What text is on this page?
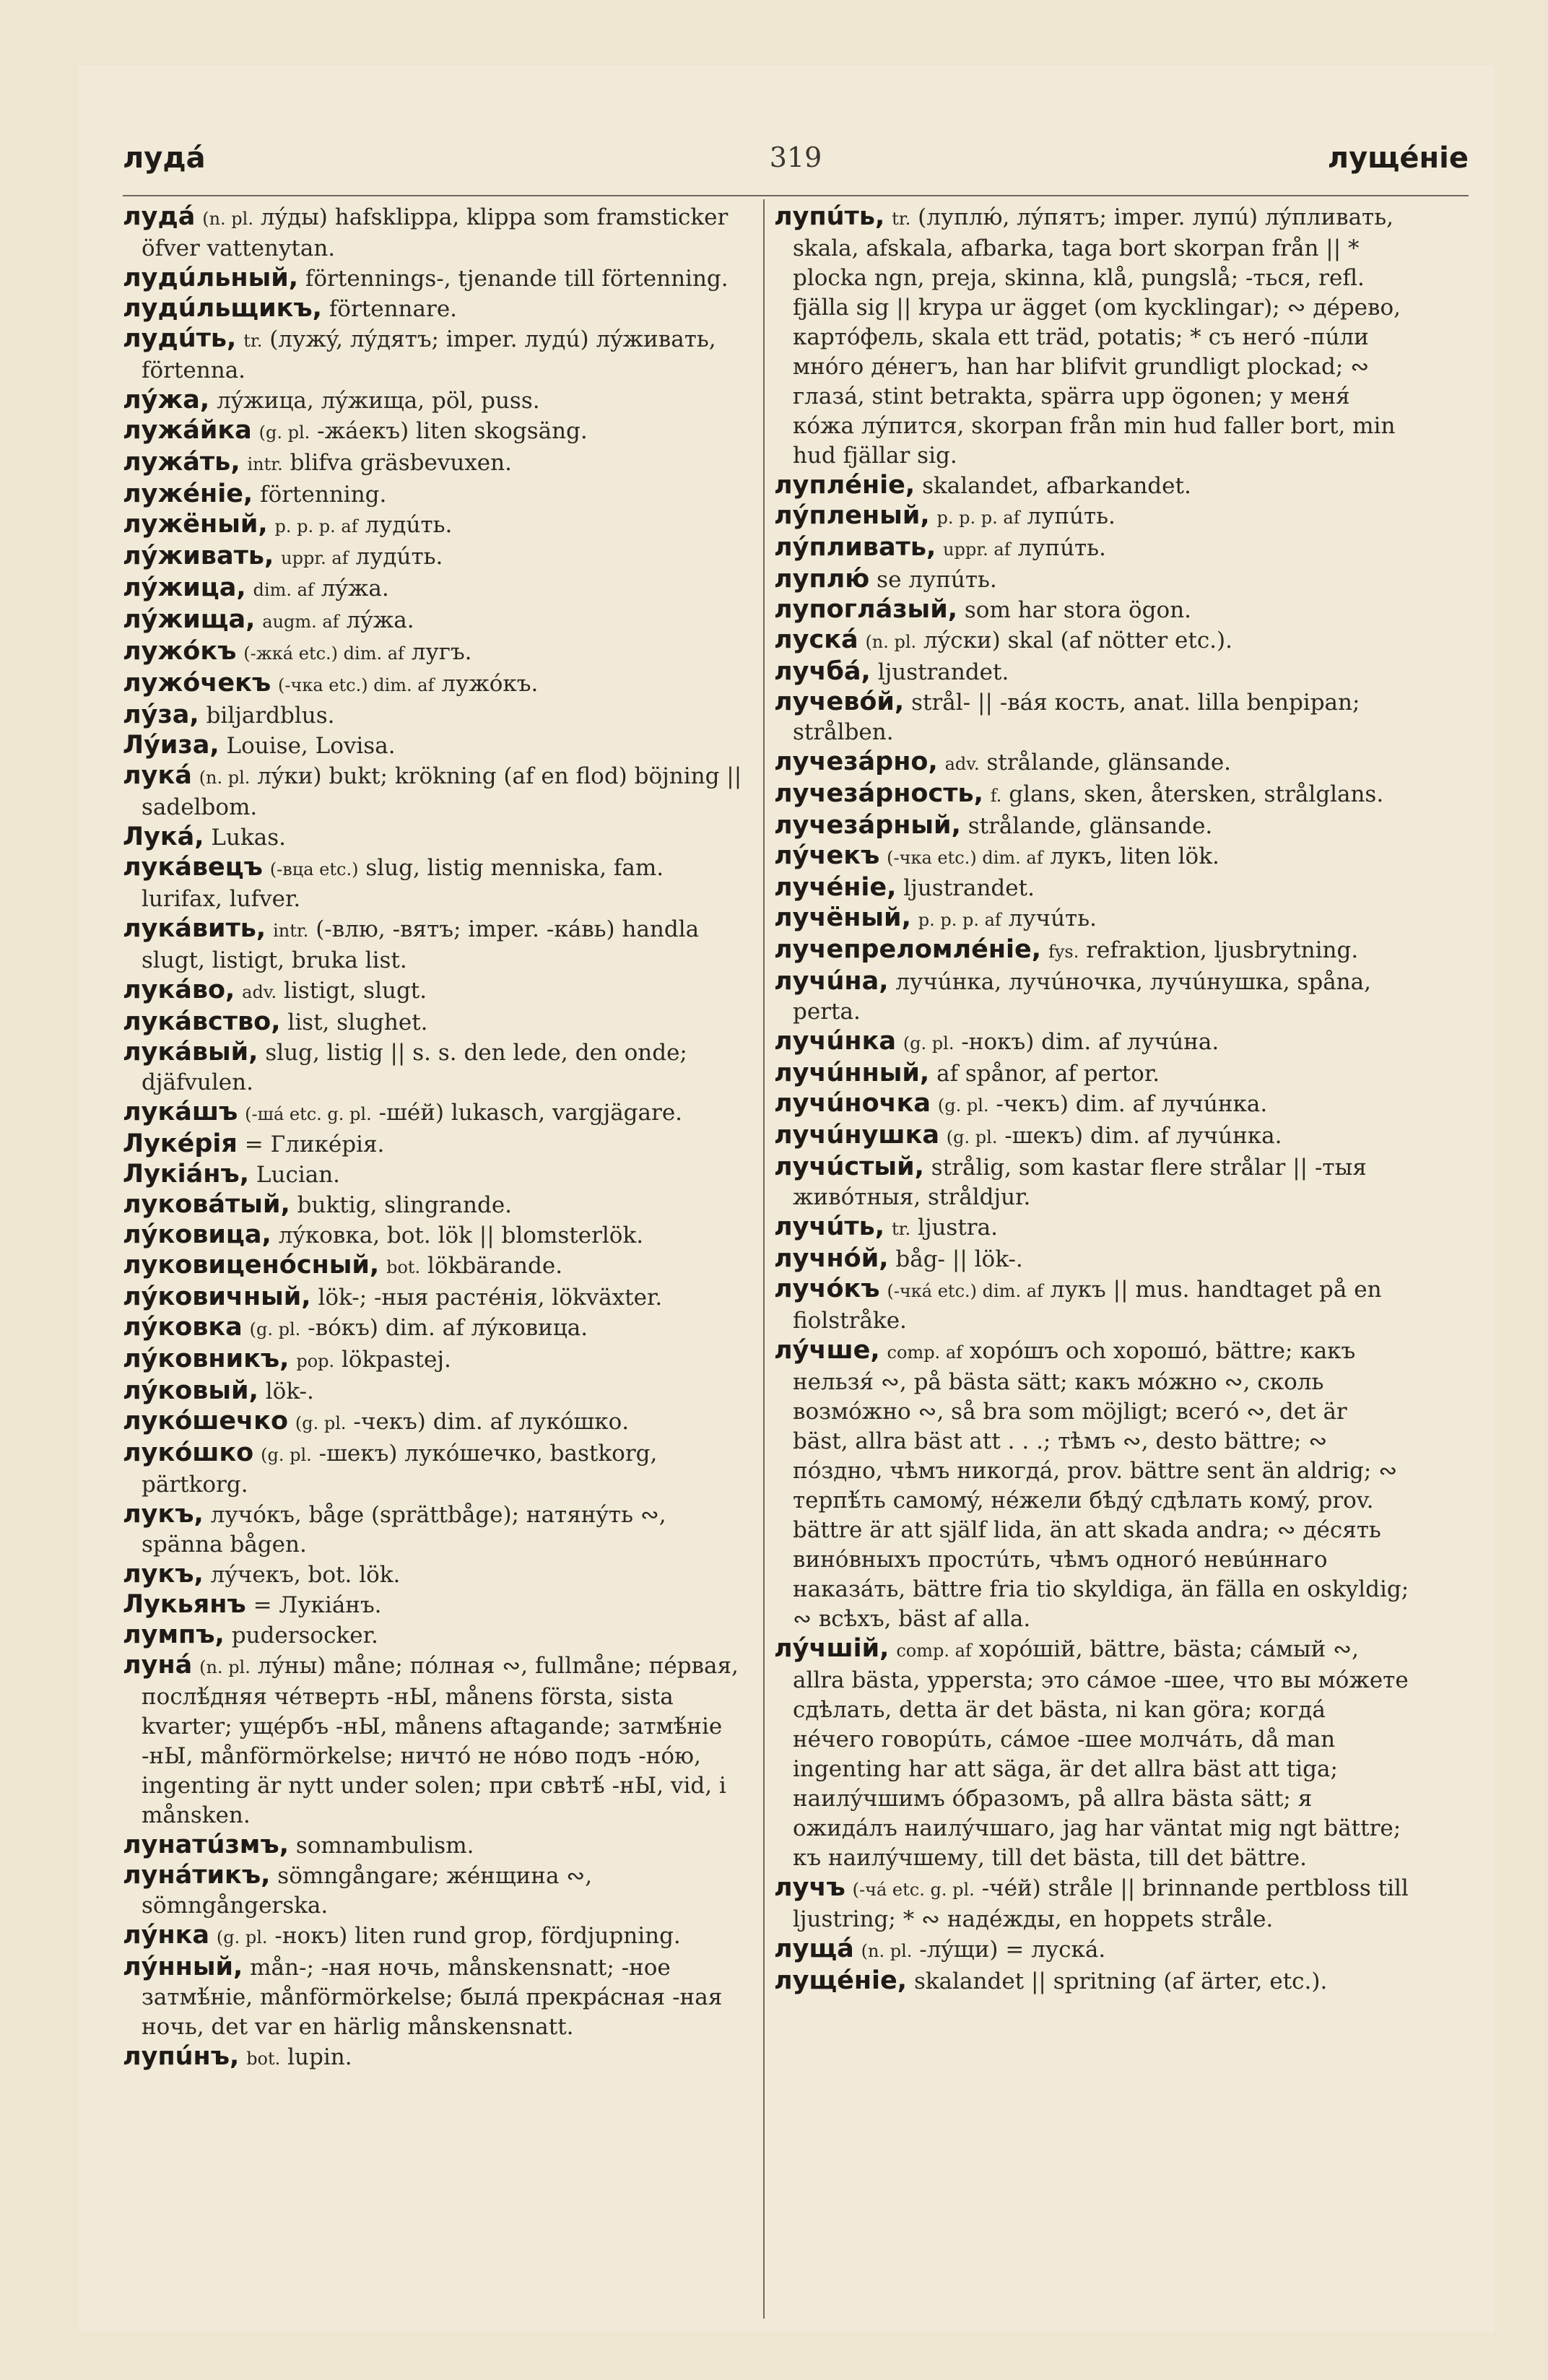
лудá	319	лущéніе
лудá (n. pl. лýды) hafsklippa, klippa som framsticker öfver vattenytan.
лудúльный, förtennings-, tjenande till förtenning.
лудúльщикъ, förtennare.
лудúть, tr. (лужý, лýдятъ; imper. лудú) лýживать, förtenna.
лýжа, лýжица, лýжища, pöl, puss.
лужáйка (g. pl. -жáекъ) liten skogsäng.
лужáть, intr. blifva gräsbevuxen.
лужéніе, förtenning.
лужёный, p. p. p. af лудúть.
лýживать, uppr. af лудúть.
лýжица, dim. af лýжа.
лýжища, augm. af лýжа.
лужóкъ (-жкá etc.) dim. af лугъ.
лужóчекъ (-чка etc.) dim. af лужóкъ.
лýза, biljardblus.
Лýиза, Louise, Lovisa.
лукá (n. pl. лýки) bukt; krökning (af en flod) böjning || sadelbom.
Лукá, Lukas.
лукáвецъ (-вца etc.) slug, listig menniska, fam. lurifax, lufver.
лукáвить, intr. (-влю, -вятъ; imper. -кáвь) handla slugt, listigt, bruka list.
лукáво, adv. listigt, slugt.
лукáвство, list, slughet.
лукáвый, slug, listig || s. s. den lede, den onde; djäfvulen.
лукáшъ (-шá etc. g. pl. -шéй) lukasch, vargjägare.
Лукéрія = Гликéрія.
Лукіáнъ, Lucian.
луковáтый, buktig, slingrande.
лýковица, лýковка, bot. lök || blomsterlök.
луковиценóсный, bot. lökbärande.
лýковичный, lök-; -ныя растéнія, lökväxter.
лýковка (g. pl. -вóкъ) dim. af лýковица.
лýковникъ, pop. lökpastej.
лýковый, lök-.
лукóшечко (g. pl. -чекъ) dim. af лукóшко.
лукóшко (g. pl. -шекъ) лукóшечко, bastkorg, pärtkorg.
лукъ, лучóкъ, båge (sprättbåge); натянýть ∾, spänna bågen.
лукъ, лýчекъ, bot. lök.
Лукьянъ = Лукіáнъ.
лумпъ, pudersocker.
лунá (n. pl. лýны) måne; пóлная ∾, fullmåne; пéрвая, послѣ́дняя чéтверть -нЫ, månens första, sista kvarter; ущéрбъ -нЫ, månens aftagande; затмѣ́ніе -нЫ, månförmörkelse; ничтó не нóво подъ -нóю, ingenting är nytt under solen; при свѣтѣ́ -нЫ, vid, i månsken.
лунатúзмъ, somnambulism.
лунáтикъ, sömngångare; жéнщина ∾, sömngångerska.
лýнка (g. pl. -нокъ) liten rund grop, fördjupning.
лýнный, mån-; -ная ночь, månskensnatt; -ное затмѣ́ніе, månförmörkelse; былá прекрáсная -ная ночь, det var en härlig månskensnatt.
лупúнъ, bot. lupin.
лупúть, tr. (луплю́, лýпятъ; imper. лупú) лýпливать, skala, afskala, afbarka, taga bort skorpan från || * plocka ngn, preja, skinna, klå, pungslå; -ться, refl. fjälla sig || krypa ur ägget (om kycklingar); ∾ дéрево, картóфель, skala ett träd, potatis; * съ негó -пúли мнóго дéнегъ, han har blifvit grundligt plockad; ∾ глазá, stint betrakta, spärra upp ögonen; у меня́ кóжа лýпится, skorpan från min hud faller bort, min hud fjällar sig.
лупле́ніе, skalandet, afbarkandet.
лýпленый, p. p. p. af лупúть.
лýпливать, uppr. af лупúть.
луплю́ se лупúть.
лупоглáзый, som har stora ögon.
лускá (n. pl. лýски) skal (af nötter etc.).
лучбá, ljustrandet.
лучевóй, strål- || -вáя кость, anat. lilla benpipan; strålben.
лучезáрно, adv. strålande, glänsande.
лучезáрность, f. glans, sken, återsken, strålglans.
лучезáрный, strålande, glänsande.
лýчекъ (-чка etc.) dim. af лукъ, liten lök.
лучéніе, ljustrandet.
лучёный, p. p. p. af лучúть.
лучепреломлéніе, fys. refraktion, ljusbrytning.
лучúна, лучúнка, лучúночка, лучúнушка, spåna, perta.
лучúнка (g. pl. -нокъ) dim. af лучúна.
лучúнный, af spånor, af pertor.
лучúночка (g. pl. -чекъ) dim. af лучúнка.
лучúнушка (g. pl. -шекъ) dim. af лучúнка.
лучúстый, strålig, som kastar flere strålar || -тыя живóтныя, stråldjur.
лучúть, tr. ljustra.
лучнóй, båg- || lök-.
лучóкъ (-чкá etc.) dim. af лукъ || mus. handtaget på en fiolstråke.
лýчше, comp. af хорóшъ och хорошó, bättre; какъ нельзя́ ∾, på bästa sätt; какъ мóжно ∾, сколь возмóжно ∾, så bra som möjligt; всегó ∾, det är bäst, allra bäst att . . .; тѣмъ ∾, desto bättre; ∾ пóздно, чѣмъ никогдá, prov. bättre sent än aldrig; ∾ терпѣ́ть самомý, нéжели бѣду́ сдѣлать комý, prov. bättre är att själf lida, än att skada andra; ∾ дéсять винóвныхъ простúть, чѣмъ одногó невúннаго наказáть, bättre fria tio skyldiga, än fälla en oskyldig; ∾ всѣхъ, bäst af alla.
лýчшій, comp. af хорóшій, bättre, bästa; сáмый ∾, allra bästa, yppersta; это сáмое -шее, что вы мóжете сдѣлать, detta är det bästa, ni kan göra; когдá нéчего говорúть, сáмое -шее молчáть, då man ingenting har att säga, är det allra bäst att tiga; наилýчшимъ óбразомъ, på allra bästa sätt; я ожидáлъ наилýчшаго, jag har väntat mig ngt bättre; къ наилýчшему, till det bästa, till det bättre.
лучъ (-чá etc. g. pl. -чéй) stråle || brinnande pertbloss till ljustring; * ∾ надéжды, en hoppets stråle.
лущá (n. pl. -лýщи) = лускá.
лущéніе, skalandet || spritning (af ärter, etc.).
